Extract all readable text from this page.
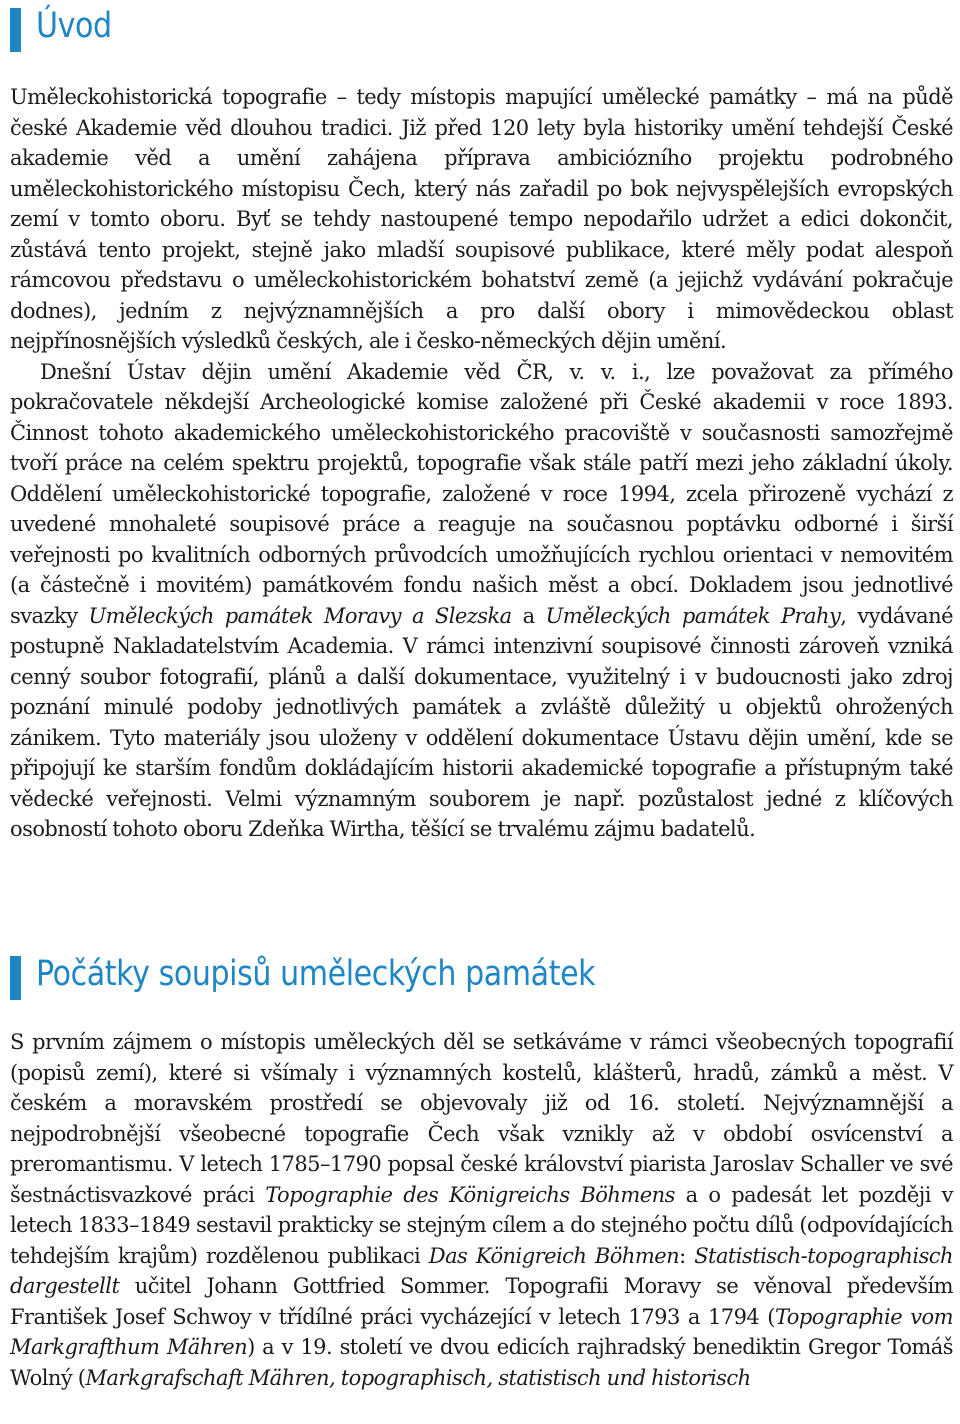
Úvod

Uměleckohistorická topografie – tedy místopis mapující umělecké památky – má na půdě české Akademie věd dlouhou tradici. Již před 120 lety byla historiky umění tehdejší České akademie věd a umění zahájena příprava ambiciózního projektu podrobného uměleckohistorického místopisu Čech, který nás zařadil po bok nejvyspělejších evropských zemí v tomto oboru. Byť se tehdy nastoupené tempo nepodařilo udržet a edici dokončit, zůstává tento projekt, stejně jako mladší soupisové publikace, které měly podat alespoň rámcovou představu o uměleckohistorickém bohatství země (a jejichž vydávání pokračuje dodnes), jedním z nejvýznamnějších a pro další obory i mimovědeckou oblast nejpřínosnějších výsledků českých, ale i česko-německých dějin umění.

Dnešní Ústav dějin umění Akademie věd ČR, v. v. i., lze považovat za přímého pokračovatele někdejší Archeologické komise založené při České akademii v roce 1893. Činnost tohoto akademického uměleckohistorického pracoviště v současnosti samozřejmě tvoří práce na celém spektru projektů, topografie však stále patří mezi jeho základní úkoly. Oddělení uměleckohistorické topografie, založené v roce 1994, zcela přirozeně vychází z uvedené mnohaleté soupisové práce a reaguje na současnou poptávku odborné i širší veřejnosti po kvalitních odborných průvodcích umožňujících rychlou orientaci v nemovitém (a částečně i movitém) památkovém fondu našich měst a obcí. Dokladem jsou jednotlivé svazky Uměleckých památek Moravy a Slezska a Uměleckých památek Prahy, vydávané postupně Nakladatelstvím Academia. V rámci intenzivní soupisové činnosti zároveň vzniká cenný soubor fotografií, plánů a další dokumentace, využitelný i v budoucnosti jako zdroj poznání minulé podoby jednotlivých památek a zvláště důležitý u objektů ohrožených zánikem. Tyto materiály jsou uloženy v oddělení dokumentace Ústavu dějin umění, kde se připojují ke starším fondům dokládajícím historii akademické topografie a přístupným také vědecké veřejnosti. Velmi významným souborem je např. pozůstalost jedné z klíčových osobností tohoto oboru Zdeňka Wirtha, těšící se trvalému zájmu badatelů.

Počátky soupisů uměleckých památek

S prvním zájmem o místopis uměleckých děl se setkáváme v rámci všeobecných topografií (popisů zemí), které si všímaly i významných kostelů, klášterů, hradů, zámků a měst. V českém a moravském prostředí se objevovaly již od 16. století. Nejvýznamnější a nejpodrobnější všeobecné topografie Čech však vznikly až v období osvícenství a preromantismu. V letech 1785–1790 popsal české království piarista Jaroslav Schaller ve své šestnáctisvazkové práci Topographie des Königreichs Böhmens a o padesát let později v letech 1833–1849 sestavil prakticky se stejným cílem a do stejného počtu dílů (odpovídajících tehdejším krajům) rozdělenou publikaci Das Königreich Böhmen: Statistisch-topographisch dargestellt učitel Johann Gottfried Sommer. Topografii Moravy se věnoval především František Josef Schwoy v třídílné práci vycházející v letech 1793 a 1794 (Topographie vom Markgrafthum Mähren) a v 19. století ve dvou edicích rajhradský benediktin Gregor Tomáš Wolný (Markgrafschaft Mähren, topographisch, statistisch und historisch
